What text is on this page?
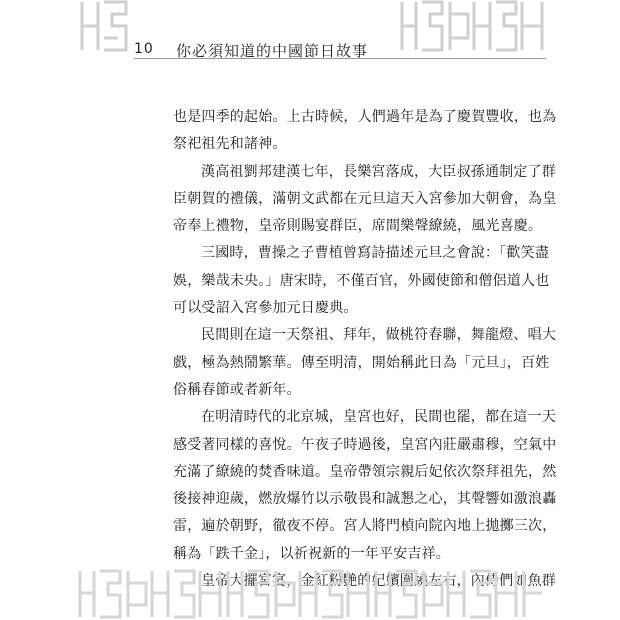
10 你必須知道的中國節日故事

也是四季的起始。上古時候，人們過年是為了慶賀豐收，也為
祭祀祖先和諸神。

漢高祖劉邦建漢七年，長樂宮落成，大臣叔孫通制定了群
臣朝賀的禮儀，滿朝文武都在元旦這天入宮參加大朝會，為皇
帝奉上禮物，皇帝則賜宴群臣，席間樂聲繚繞，風光喜慶。

三國時，曹操之子曹植曾寫詩描述元旦之會說：「歡笑盡
娛，樂哉未央。」唐宋時，不僅百官，外國使節和僧侶道人也
可以受詔入宮參加元日慶典。

民間則在這一天祭祖、拜年，做桃符春聯，舞龍燈、唱大
戲，極為熱鬧繁華。傳至明清，開始稱此日為「元旦」，百姓
俗稱春節或者新年。

在明清時代的北京城，皇宮也好，民間也罷，都在這一天
感受著同樣的喜悅。午夜子時過後，皇宮內莊嚴肅穆，空氣中
充滿了繚繞的焚香味道。皇帝帶領宗親后妃依次祭拜祖先，然
後接神迎歲，燃放爆竹以示敬畏和誠懇之心，其聲響如激浪轟
雷，遍於朝野，徹夜不停。宮人將門楨向院內地上拋擲三次，
稱為「跌千金」，以祈祝新的一年平安吉祥。

皇帝大擺宮宴，金紅粉艷的妃嬪圍繞左右，內侍們如魚群
